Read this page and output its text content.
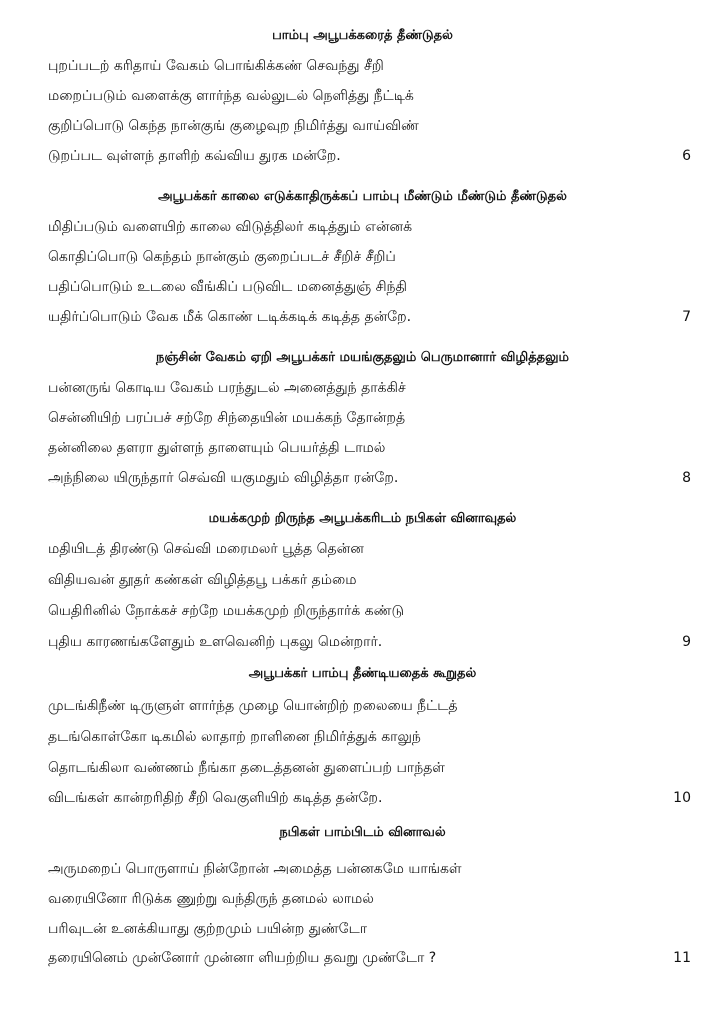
பாம்பு அபூபக்கரைத் தீண்டுதல்
புறப்படற் கரிதாய் வேகம் பொங்கிக்கண் செவந்து சீறி
மறைப்படும் வளைக்கு ளார்ந்த வல்லுடல் நெளித்து நீட்டிக்
குறிப்பொடு கெந்த நான்குங் குழைவுற நிமிர்த்து வாய்விண்
டுறப்பட வுள்ளந் தாளிற் கவ்விய துரக மன்றே.	6
அபூபக்கர் காலை எடுக்காதிருக்கப் பாம்பு மீண்டும் மீண்டும் தீண்டுதல்
மிதிப்படும் வளையிற் காலை விடுத்திலர் கடித்தும் என்னக்
கொதிப்பொடு கெந்தம் நான்கும் குறைப்படச் சீறிச் சீறிப்
பதிப்பொடும் உடலை வீங்கிப் படுவிட மனைத்துஞ் சிந்தி
யதிர்ப்பொடும் வேக மீக் கொண் டடிக்கடிக் கடித்த தன்றே.	7
நஞ்சின் வேகம் ஏறி அபூபக்கர் மயங்குதலும் பெருமானார் விழித்தலும்
பன்னருங் கொடிய வேகம் பரந்துடல் அனைத்துந் தாக்கிச்
சென்னியிற் பரப்பச் சற்றே சிந்தையின் மயக்கந் தோன்றத்
தன்னிலை தளரா துள்ளந் தாளையும் பெயர்த்தி டாமல்
அந்நிலை யிருந்தார் செவ்வி யகுமதும் விழித்தா ரன்றே.	8
மயக்கமுற் றிருந்த அபூபக்கரிடம் நபிகள் வினாவுதல்
மதியிடத் திரண்டு செவ்வி மரைமலர் பூத்த தென்ன
விதியவன் தூதர் கண்கள் விழித்தபூ பக்கர் தம்மை
யெதிரினில் நோக்கச் சற்றே மயக்கமுற் றிருந்தார்க் கண்டு
புதிய காரணங்களேதும் உளவெனிற் புகலு மென்றார்.	9
அபூபக்கர் பாம்பு தீண்டியதைக் கூறுதல்
முடங்கிநீண் டிருளுள் ளார்ந்த முழை யொன்றிற் றலையை நீட்டத்
தடங்கொள்கோ டிகமில் லாதாற் றாளினை நிமிர்த்துக் காலுந்
தொடங்கிலா வண்ணம் நீங்கா தடைத்தனன் துளைப்பற் பாந்தள்
விடங்கள் கான்றரிதிற் சீறி வெகுளியிற் கடித்த தன்றே.	10
நபிகள் பாம்பிடம் வினாவல்
அருமறைப் பொருளாய் நின்றோன் அமைத்த பன்னகமே யாங்கள்
வரையினோ ரிடுக்க ணுற்று வந்திருந் தனமல் லாமல்
பரிவுடன் உனக்கியாது குற்றமும் பயின்ற துண்டோ
தரையினெம் முன்னோர் முன்னா ளியற்றிய தவறு முண்டோ ?	11
